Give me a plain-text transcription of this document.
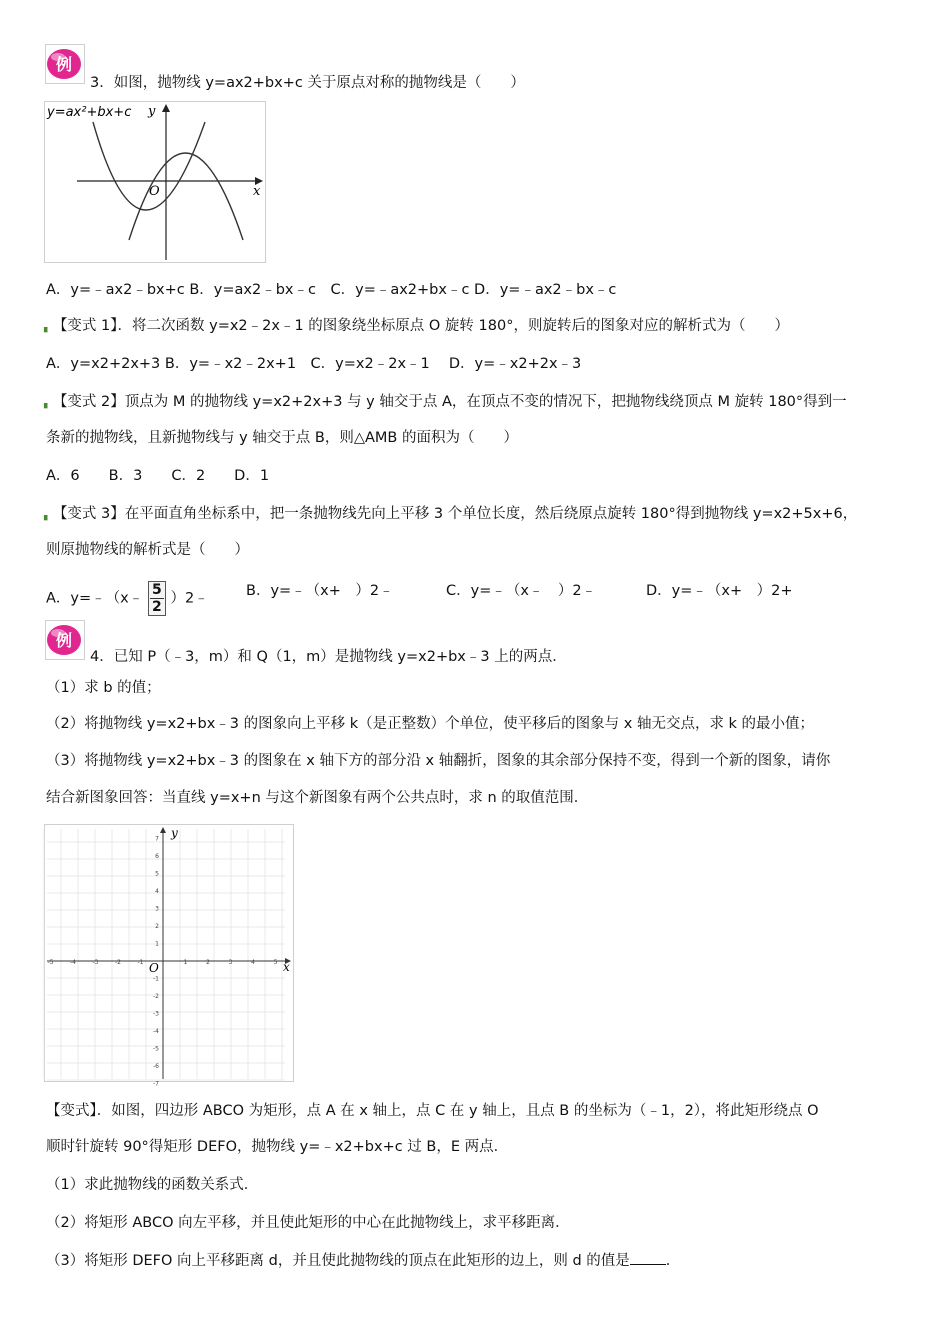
例
3．如图，抛物线 y=ax2+bx+c 关于原点对称的抛物线是（　　）
y=ax²+bx+c y
x
O
A．y=﹣ax2﹣bx+c B．y=ax2﹣bx﹣c　C．y=﹣ax2+bx﹣c D．y=﹣ax2﹣bx﹣c
▖ 【变式 1】．将二次函数 y=x2﹣2x﹣1 的图象绕坐标原点 O 旋转 180°，则旋转后的图象对应的解析式为（　　）
A．y=x2+2x+3 B．y=﹣x2﹣2x+1　C．y=x2﹣2x﹣1　 D．y=﹣x2+2x﹣3
▖ 【变式 2】顶点为 M 的抛物线 y=x2+2x+3 与 y 轴交于点 A，在顶点不变的情况下，把抛物线绕顶点 M 旋转 180°得到一
条新的抛物线，且新抛物线与 y 轴交于点 B，则△AMB 的面积为（　　）
A．6　　B．3　　C．2　　D．1
▖ 【变式 3】在平面直角坐标系中，把一条抛物线先向上平移 3 个单位长度，然后绕原点旋转 180°得到抛物线 y=x2+5x+6，
则原抛物线的解析式是（　　）
A．y=﹣（x﹣ $\frac{5}{2}$ ）2﹣	B．y=﹣（x+　）2﹣	C．y=﹣（x﹣　）2﹣	D．y=﹣（x+　）2+
例
4．已知 P（﹣3，m）和 Q（1，m）是抛物线 y=x2+bx﹣3 上的两点．
（1）求 b 的值；
（2）将抛物线 y=x2+bx﹣3 的图象向上平移 k（是正整数）个单位，使平移后的图象与 x 轴无交点，求 k 的最小值；
（3）将抛物线 y=x2+bx﹣3 的图象在 x 轴下方的部分沿 x 轴翻折，图象的其余部分保持不变，得到一个新的图象，请你
结合新图象回答：当直线 y=x+n 与这个新图象有两个公共点时，求 n 的取值范围．
y
x
O
-5	-4	-3	-2	-1	1	2	3	4	5
7
6
5
4
3
2
1
-1
-2
-3
-4
-5
-6
-7
【变式】．如图，四边形 ABCO 为矩形，点 A 在 x 轴上，点 C 在 y 轴上，且点 B 的坐标为（﹣1，2），将此矩形绕点 O
顺时针旋转 90°得矩形 DEFO，抛物线 y=﹣x2+bx+c 过 B，E 两点．
（1）求此抛物线的函数关系式．
（2）将矩形 ABCO 向左平移，并且使此矩形的中心在此抛物线上，求平移距离．
（3）将矩形 DEFO 向上平移距离 d，并且使此抛物线的顶点在此矩形的边上，则 d 的值是 ．
